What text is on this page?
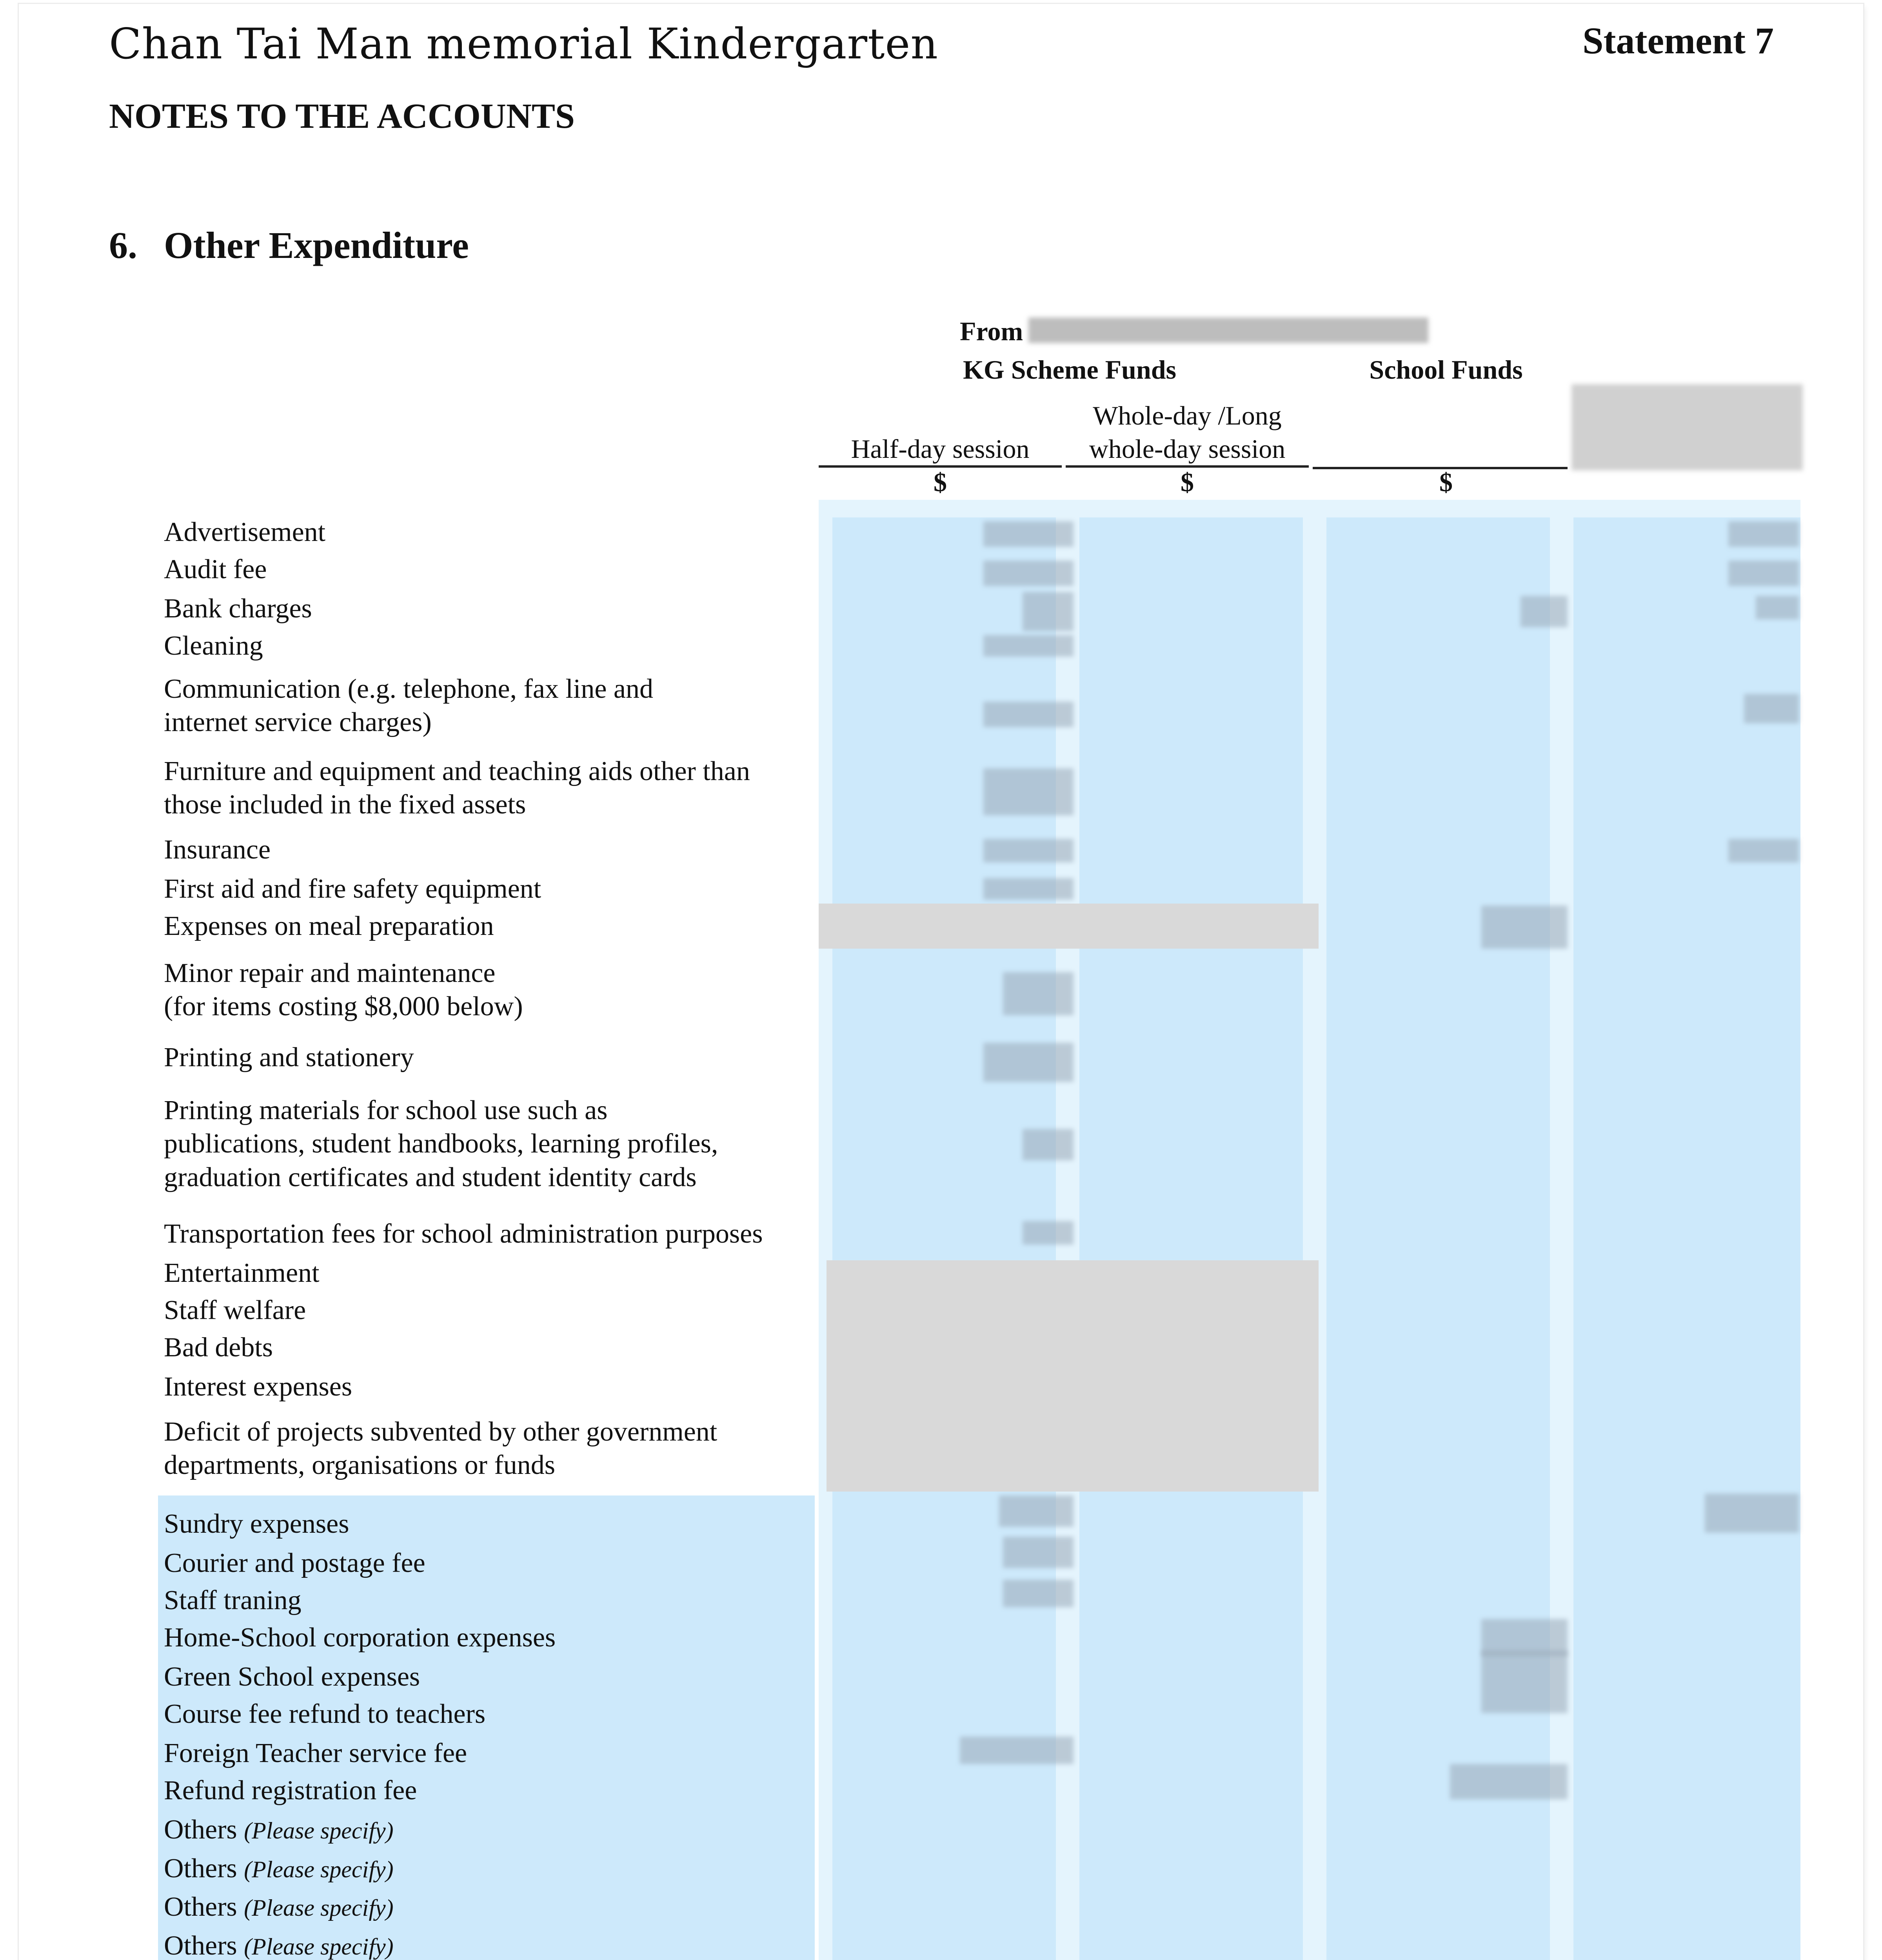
Chan Tai Man memorial Kindergarten	Statement 7
NOTES TO THE ACCOUNTS
6. Other Expenditure
From
KG Scheme Funds	School Funds
Whole-day /Long
Half-day session	whole-day session
$	$	$
Advertisement
Audit fee
Bank charges
Cleaning
Communication (e.g. telephone, fax line and
internet service charges)
Furniture and equipment and teaching aids other than
those included in the fixed assets
Insurance
First aid and fire safety equipment
Expenses on meal preparation
Minor repair and maintenance
(for items costing $8,000 below)
Printing and stationery
Printing materials for school use such as
publications, student handbooks, learning profiles,
graduation certificates and student identity cards
Transportation fees for school administration purposes
Entertainment
Staff welfare
Bad debts
Interest expenses
Deficit of projects subvented by other government
departments, organisations or funds
Sundry expenses
Courier and postage fee
Staff traning
Home-School corporation expenses
Green School expenses
Course fee refund to teachers
Foreign Teacher service fee
Refund registration fee
Others (Please specify)
Others (Please specify)
Others (Please specify)
Others (Please specify)
